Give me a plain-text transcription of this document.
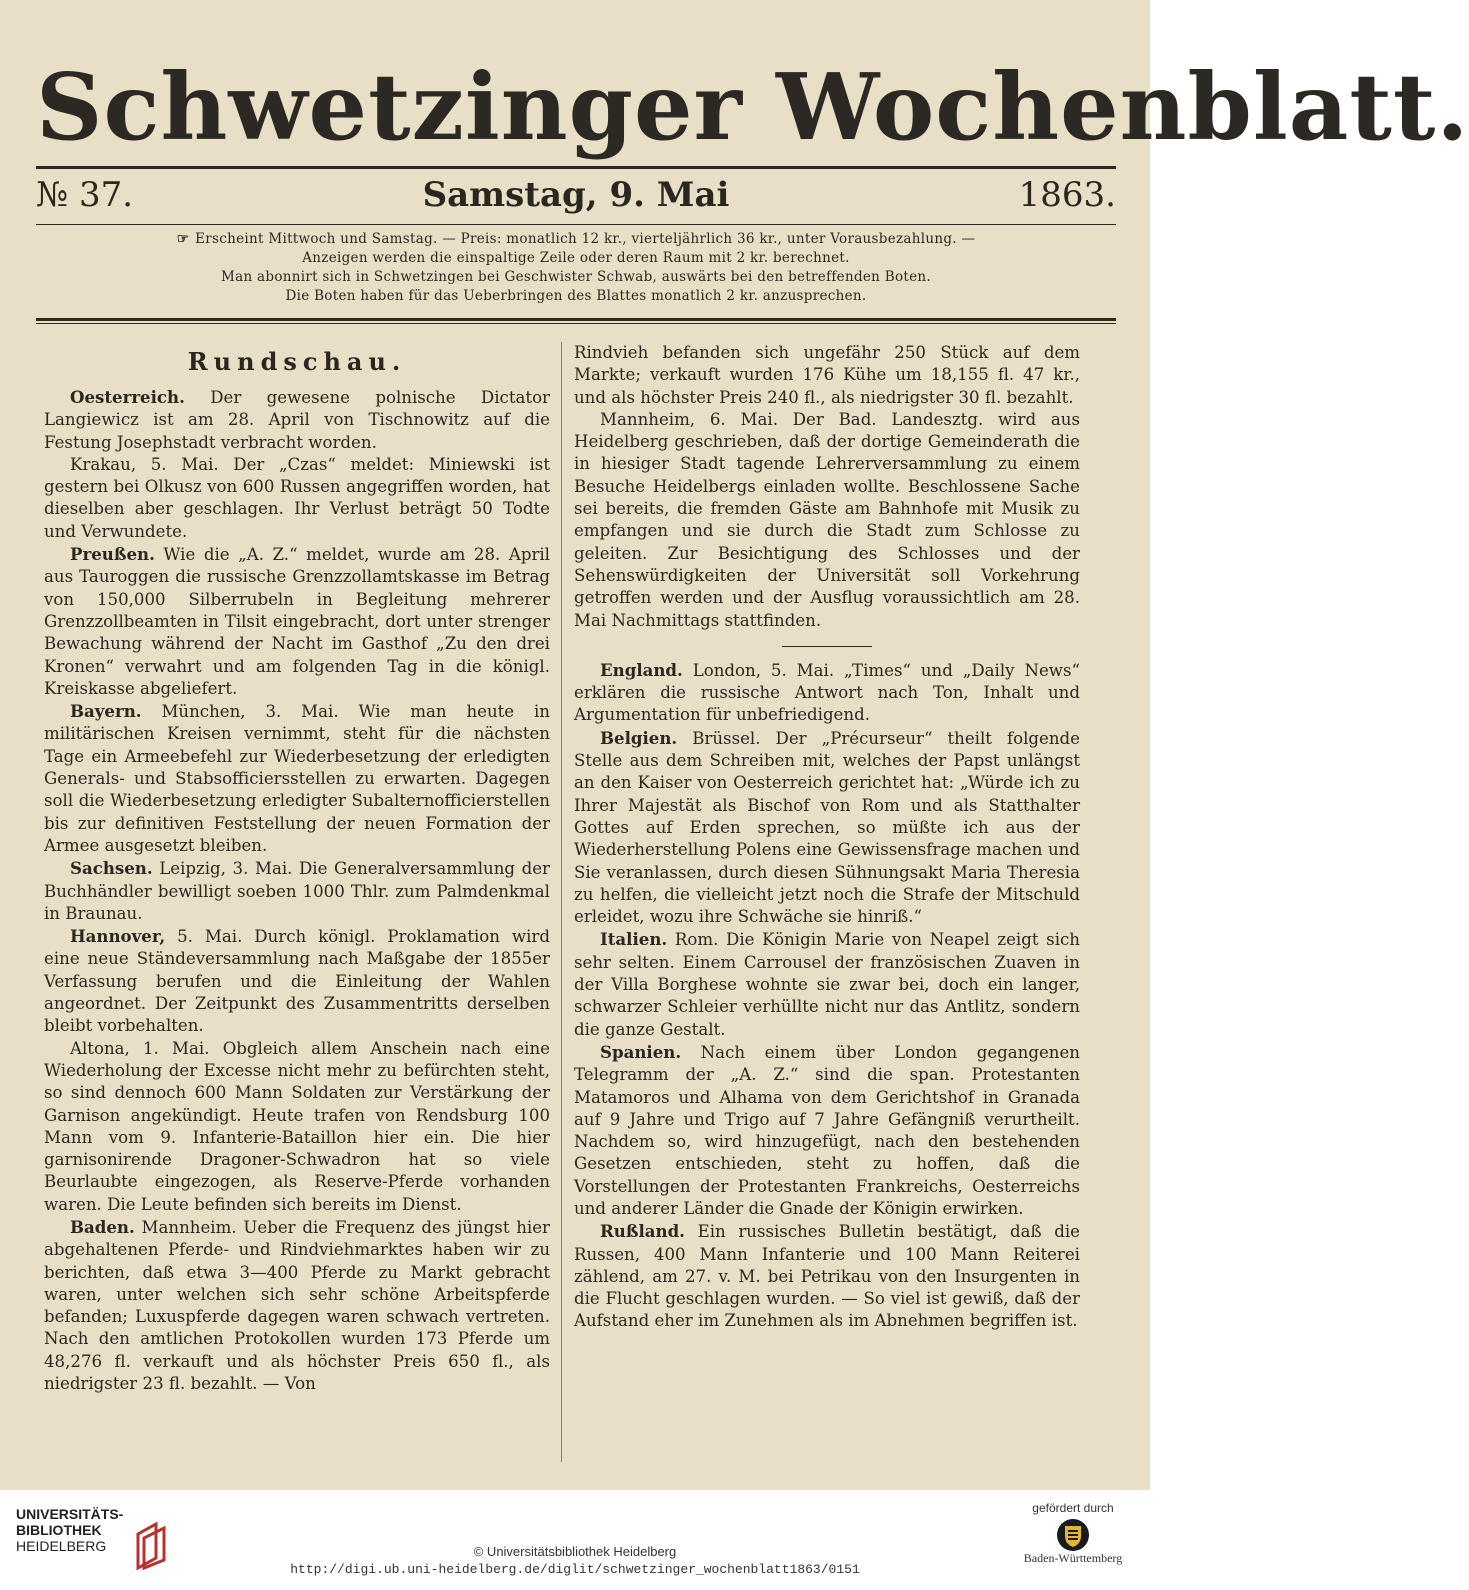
Schwetzinger Wochenblatt.
Samstag, 9. Mai
№ 37.	1863.
☞ Erscheint Mittwoch und Samstag. — Preis: monatlich 12 kr., vierteljährlich 36 kr., unter Vorausbezahlung. —
Anzeigen werden die einspaltige Zeile oder deren Raum mit 2 kr. berechnet.
Man abonnirt sich in Schwetzingen bei Geschwister Schwab, auswärts bei den betreffenden Boten.
Die Boten haben für das Ueberbringen des Blattes monatlich 2 kr. anzusprechen.
Rundschau.

Oesterreich. Der gewesene polnische Dictator Langiewicz ist am 28. April von Tischnowitz auf die Festung Josephstadt verbracht worden.

Krakau, 5. Mai. Der „Czas“ meldet: Miniewski ist gestern bei Olkusz von 600 Russen angegriffen worden, hat dieselben aber geschlagen. Ihr Verlust beträgt 50 Todte und Verwundete.

Preußen. Wie die „A. Z.“ meldet, wurde am 28. April aus Tauroggen die russische Grenzzollamtskasse im Betrag von 150,000 Silberrubeln in Begleitung mehrerer Grenzzollbeamten in Tilsit eingebracht, dort unter strenger Bewachung während der Nacht im Gasthof „Zu den drei Kronen“ verwahrt und am folgenden Tag in die königl. Kreiskasse abgeliefert.

Bayern. München, 3. Mai. Wie man heute in militärischen Kreisen vernimmt, steht für die nächsten Tage ein Armeebefehl zur Wiederbesetzung der erledigten Generals- und Stabsofficiersstellen zu erwarten. Dagegen soll die Wiederbesetzung erledigter Subalternofficierstellen bis zur definitiven Feststellung der neuen Formation der Armee ausgesetzt bleiben.

Sachsen. Leipzig, 3. Mai. Die Generalversammlung der Buchhändler bewilligt soeben 1000 Thlr. zum Palmdenkmal in Braunau.

Hannover, 5. Mai. Durch königl. Proklamation wird eine neue Ständeversammlung nach Maßgabe der 1855er Verfassung berufen und die Einleitung der Wahlen angeordnet. Der Zeitpunkt des Zusammentritts derselben bleibt vorbehalten.

Altona, 1. Mai. Obgleich allem Anschein nach eine Wiederholung der Excesse nicht mehr zu befürchten steht, so sind dennoch 600 Mann Soldaten zur Verstärkung der Garnison angekündigt. Heute trafen von Rendsburg 100 Mann vom 9. Infanterie-Bataillon hier ein. Die hier garnisonirende Dragoner-Schwadron hat so viele Beurlaubte eingezogen, als Reserve-Pferde vorhanden waren. Die Leute befinden sich bereits im Dienst.

Baden. Mannheim. Ueber die Frequenz des jüngst hier abgehaltenen Pferde- und Rindviehmarktes haben wir zu berichten, daß etwa 3—400 Pferde zu Markt gebracht waren, unter welchen sich sehr schöne Arbeitspferde befanden; Luxuspferde dagegen waren schwach vertreten. Nach den amtlichen Protokollen wurden 173 Pferde um 48,276 fl. verkauft und als höchster Preis 650 fl., als niedrigster 23 fl. bezahlt. — Von

Rindvieh befanden sich ungefähr 250 Stück auf dem Markte; verkauft wurden 176 Kühe um 18,155 fl. 47 kr., und als höchster Preis 240 fl., als niedrigster 30 fl. bezahlt.

Mannheim, 6. Mai. Der Bad. Landesztg. wird aus Heidelberg geschrieben, daß der dortige Gemeinderath die in hiesiger Stadt tagende Lehrerversammlung zu einem Besuche Heidelbergs einladen wollte. Beschlossene Sache sei bereits, die fremden Gäste am Bahnhofe mit Musik zu empfangen und sie durch die Stadt zum Schlosse zu geleiten. Zur Besichtigung des Schlosses und der Sehenswürdigkeiten der Universität soll Vorkehrung getroffen werden und der Ausflug voraussichtlich am 28. Mai Nachmittags stattfinden.

England. London, 5. Mai. „Times“ und „Daily News“ erklären die russische Antwort nach Ton, Inhalt und Argumentation für unbefriedigend.

Belgien. Brüssel. Der „Précurseur“ theilt folgende Stelle aus dem Schreiben mit, welches der Papst unlängst an den Kaiser von Oesterreich gerichtet hat: „Würde ich zu Ihrer Majestät als Bischof von Rom und als Statthalter Gottes auf Erden sprechen, so müßte ich aus der Wiederherstellung Polens eine Gewissensfrage machen und Sie veranlassen, durch diesen Sühnungsakt Maria Theresia zu helfen, die vielleicht jetzt noch die Strafe der Mitschuld erleidet, wozu ihre Schwäche sie hinriß.“

Italien. Rom. Die Königin Marie von Neapel zeigt sich sehr selten. Einem Carrousel der französischen Zuaven in der Villa Borghese wohnte sie zwar bei, doch ein langer, schwarzer Schleier verhüllte nicht nur das Antlitz, sondern die ganze Gestalt.

Spanien. Nach einem über London gegangenen Telegramm der „A. Z.“ sind die span. Protestanten Matamoros und Alhama von dem Gerichtshof in Granada auf 9 Jahre und Trigo auf 7 Jahre Gefängniß verurtheilt. Nachdem so, wird hinzugefügt, nach den bestehenden Gesetzen entschieden, steht zu hoffen, daß die Vorstellungen der Protestanten Frankreichs, Oesterreichs und anderer Länder die Gnade der Königin erwirken.

Rußland. Ein russisches Bulletin bestätigt, daß die Russen, 400 Mann Infanterie und 100 Mann Reiterei zählend, am 27. v. M. bei Petrikau von den Insurgenten in die Flucht geschlagen wurden. — So viel ist gewiß, daß der Aufstand eher im Zunehmen als im Abnehmen begriffen ist.

UNIVERSITÄTS-
BIBLIOTHEK
HEIDELBERG	© Universitätsbibliothek Heidelberg
http://digi.ub.uni-heidelberg.de/diglit/schwetzinger_wochenblatt1863/0151
gefördert durch
Baden-Württemberg
